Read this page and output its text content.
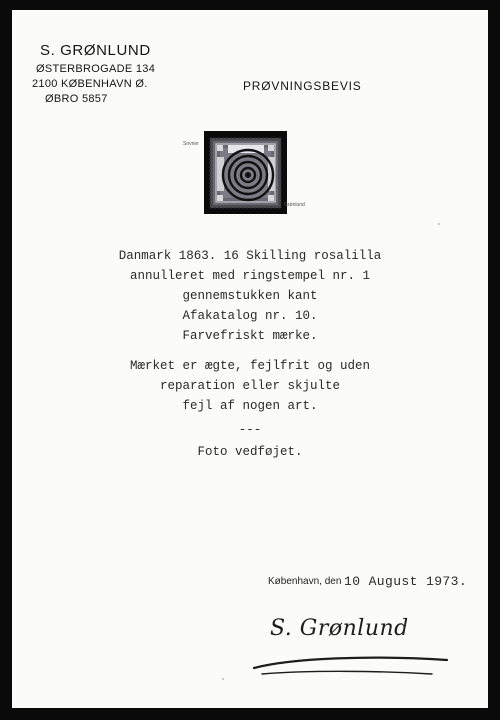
S. GRØNLUND
ØSTERBROGADE 134
2100 KØBENHAVN Ø.
ØBRO 5857
PRØVNINGSBEVIS
Snvner
Grønlund
Danmark 1863. 16 Skilling rosalilla
annulleret med ringstempel nr. 1
gennemstukken kant
Afakatalog nr. 10.
Farvefriskt mærke.
Mærket er ægte, fejlfrit og uden
reparation eller skjulte
fejl af nogen art.
---
Foto vedføjet.
København, den 10 August 1973.
S. Grønlund
